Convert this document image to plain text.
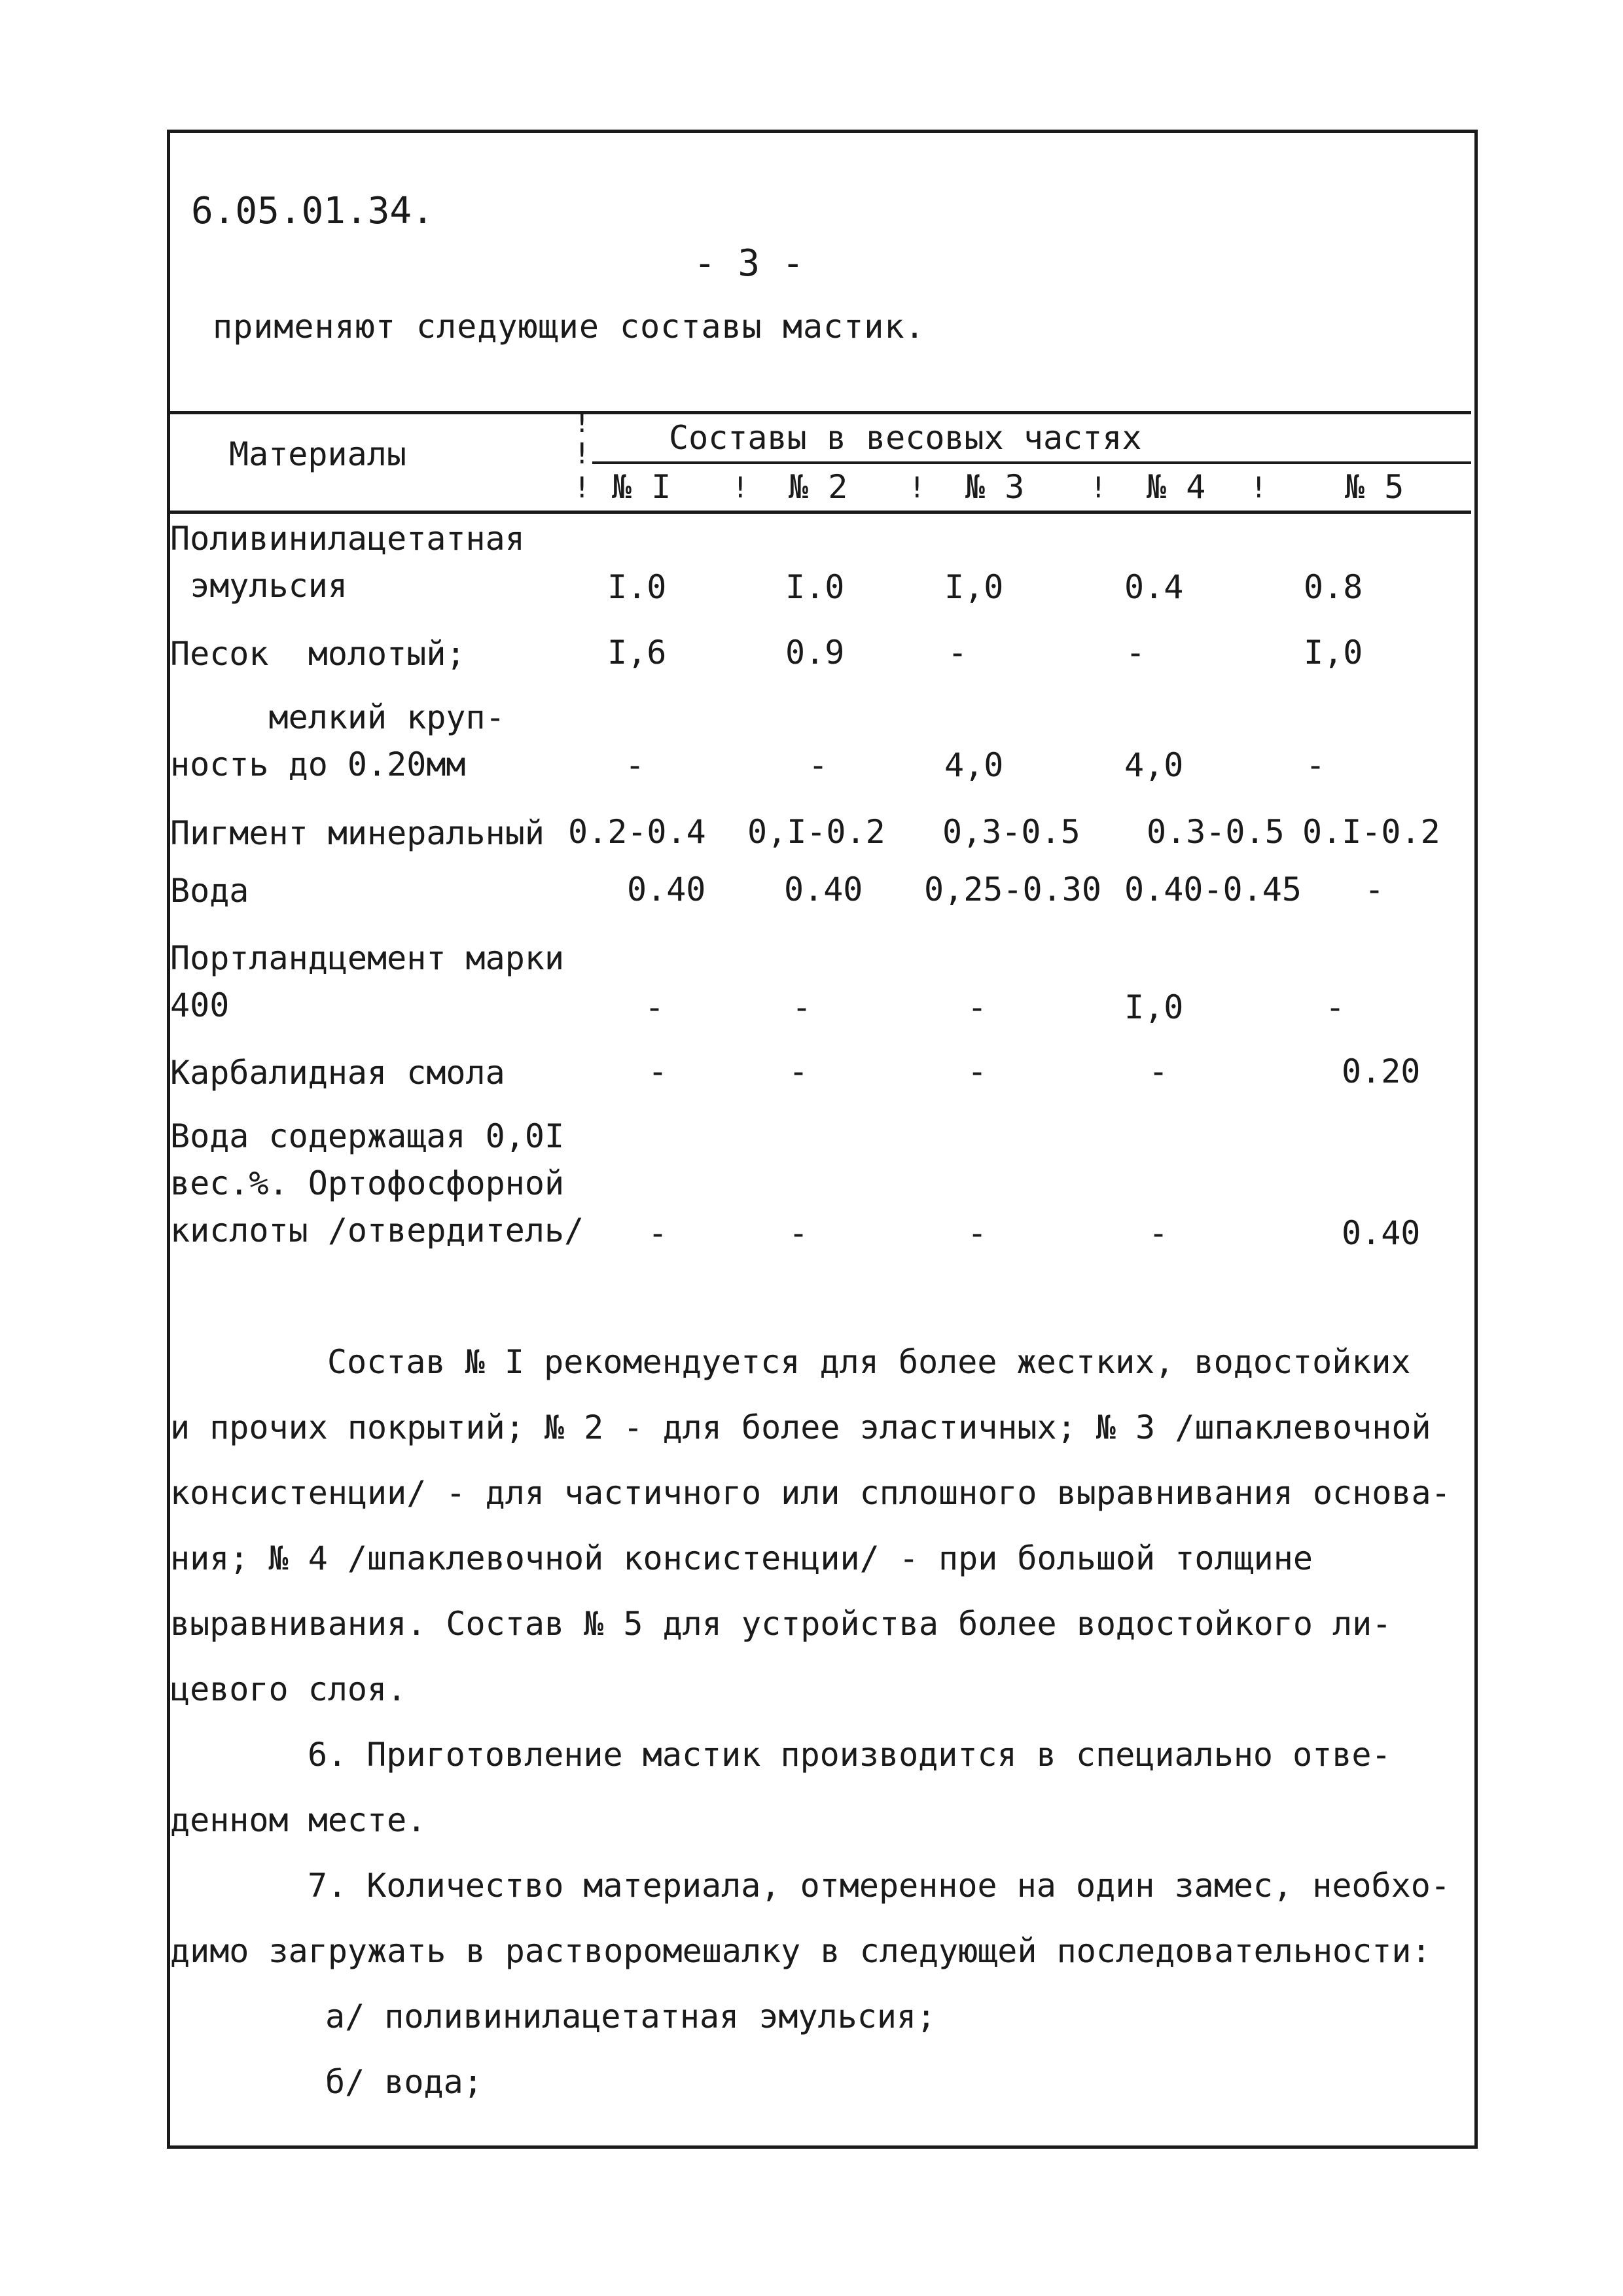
6.05.01.34.
- 3 -
применяют следующие составы мастик.
Материалы	Составы в весовых частях
!
!
! № I ! № 2 ! № 3 ! № 4 ! № 5
Поливинилацетатная
эмульсия	I.0	I.0	I,0	0.4	0.8
Песок  молотый;	I,6	0.9	-	-	I,0
мелкий круп-
ность до 0.20мм	-	-	4,0	4,0	-
Пигмент минеральный 0.2-0.4 0,I-0.2 0,3-0.5 0.3-0.5 0.I-0.2
Вода	0.40 0.40 0,25-0.30 0.40-0.45 -
Портландцемент марки
400	-	-	-	I,0	-
Карбалидная смола	-	-	-	-	0.20
Вода содержащая 0,0I
вес.%. Ортофосфорной
кислоты /отвердитель/ -	-	-	-	0.40
Состав № I рекомендуется для более жестких, водостойких
и прочих покрытий; № 2 - для более эластичных; № 3 /шпаклевочной
консистенции/ - для частичного или сплошного выравнивания основа-
ния; № 4 /шпаклевочной консистенции/ - при большой толщине
выравнивания. Состав № 5 для устройства более водостойкого ли-
цевого слоя.
6. Приготовление мастик производится в специально отве-
денном месте.
7. Количество материала, отмеренное на один замес, необхо-
димо загружать в растворомешалку в следующей последовательности:
а/ поливинилацетатная эмульсия;
б/ вода;
